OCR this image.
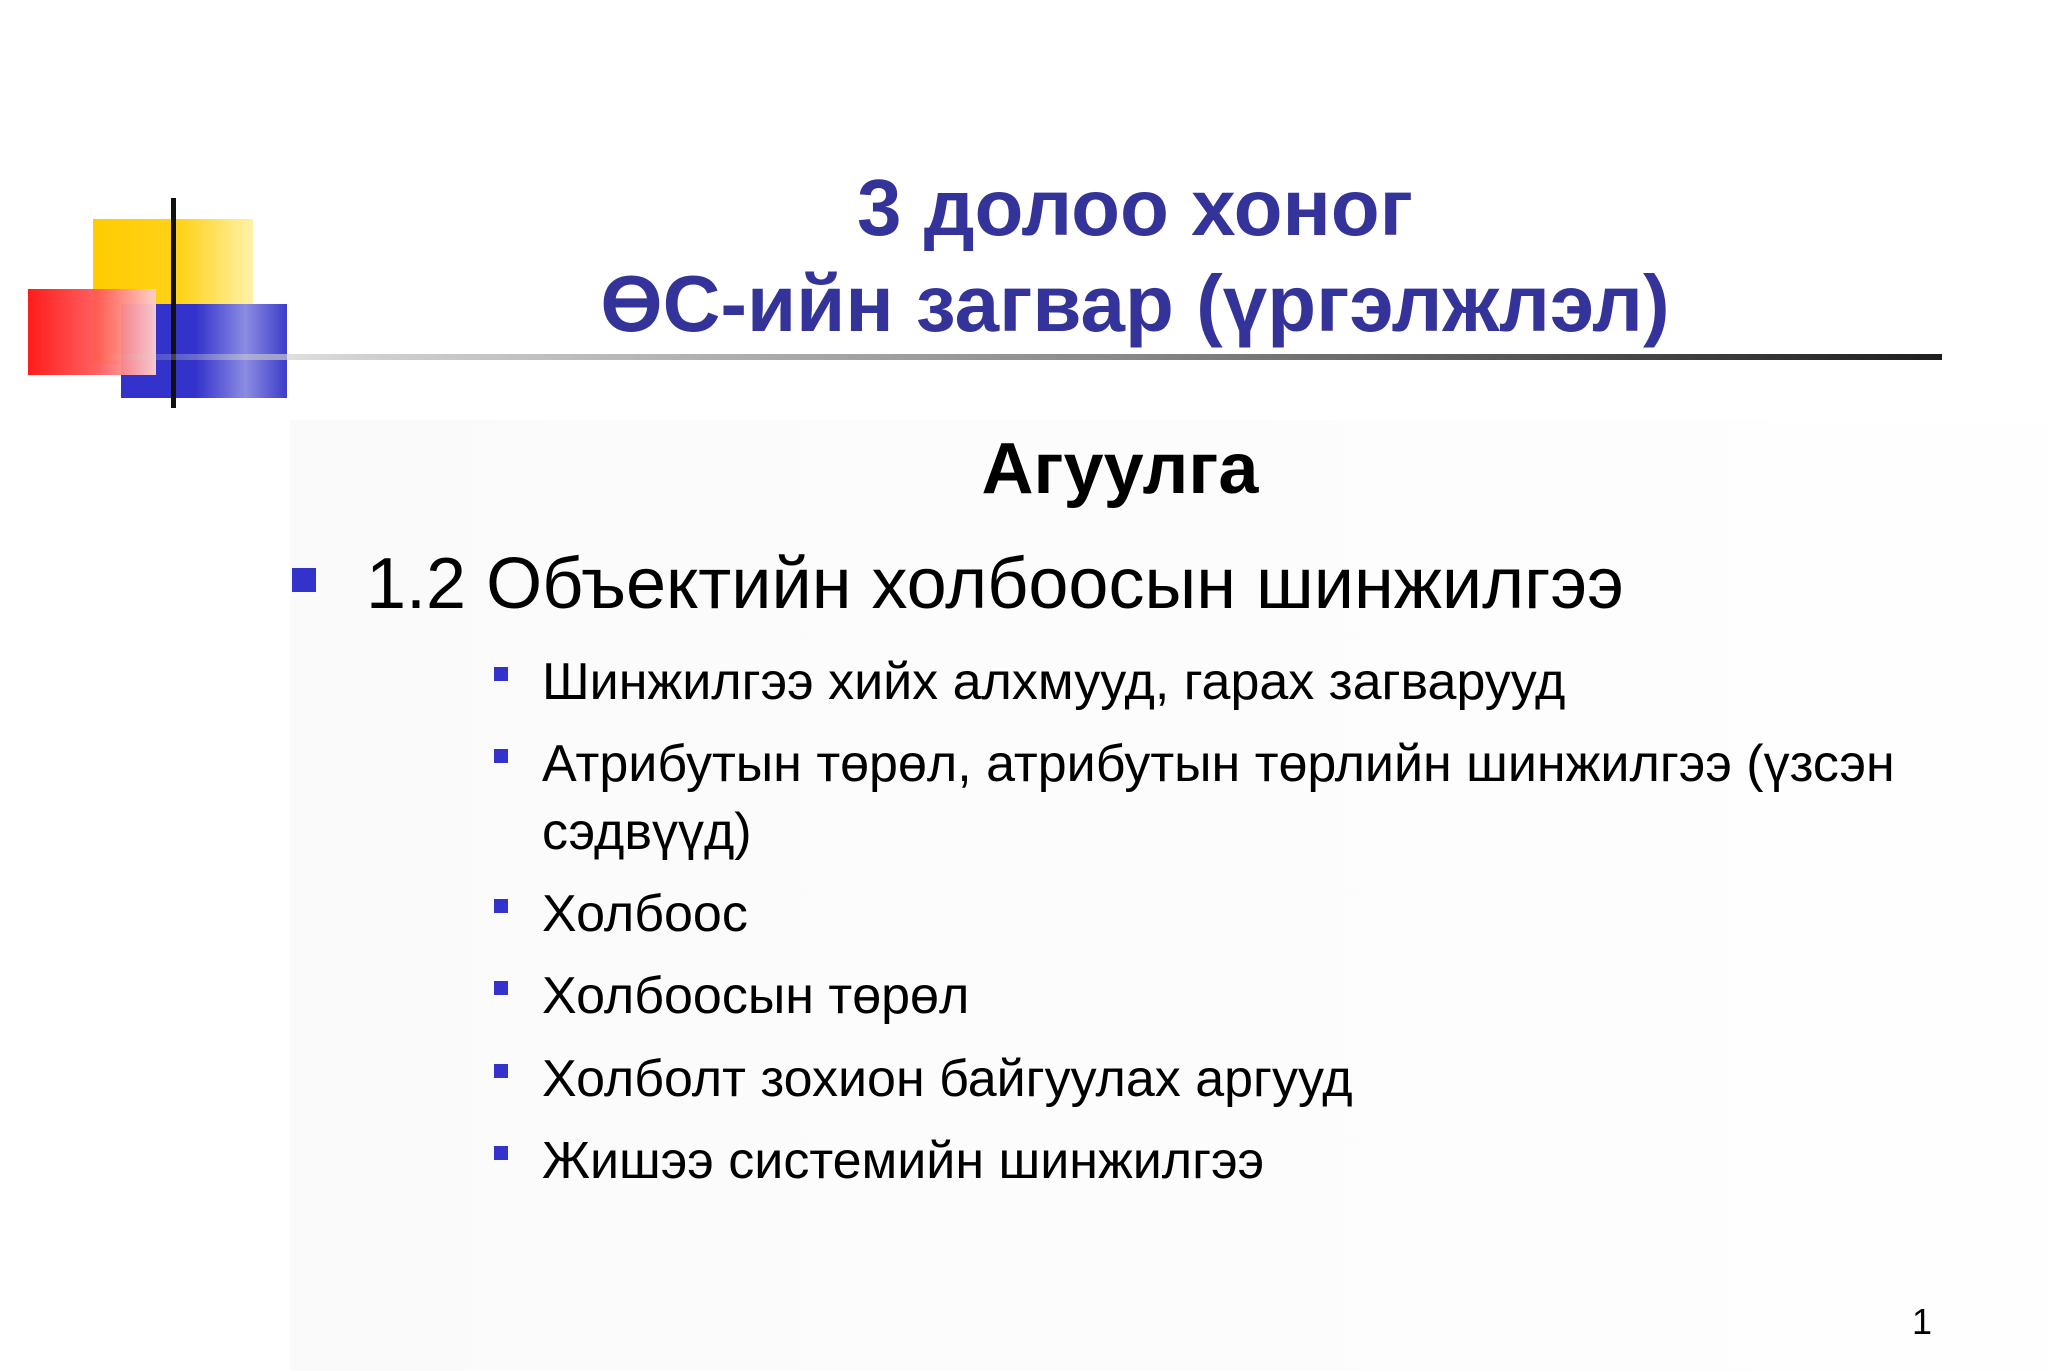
3 долоо хоног
ӨС-ийн загвар (үргэлжлэл)
Агуулга
1.2 Объектийн холбоосын шинжилгээ
Шинжилгээ хийх алхмууд, гарах загварууд
Атрибутын төрөл, атрибутын төрлийн шинжилгээ (үзсэн сэдвүүд)
Холбоос
Холбоосын төрөл
Холболт зохион байгуулах аргууд
Жишээ системийн шинжилгээ
1
